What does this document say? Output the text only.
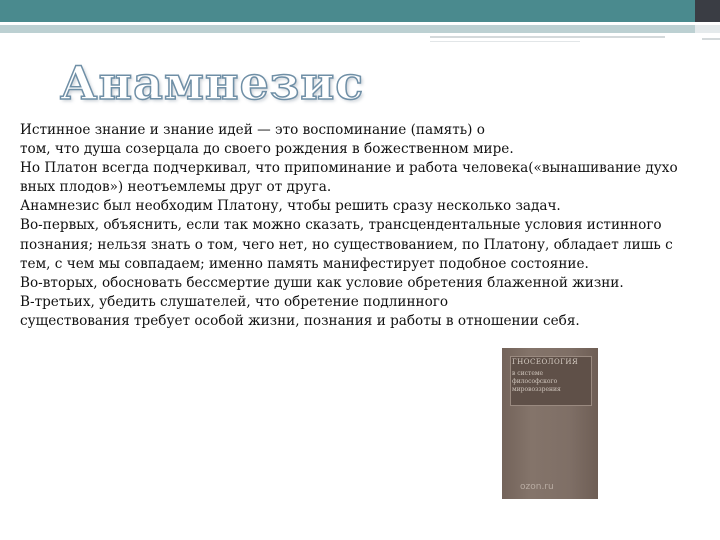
Анамнезис

Истинное знание и знание идей — это воспоминание (память) о

том, что душа созерцала до своего рождения в божественном мире.

Но Платон всегда подчеркивал, что припоминание и работа человека(«вынашивание духо

вных плодов») неотъемлемы друг от друга.

Анамнезис был необходим Платону, чтобы решить сразу несколько задач.

Во-первых, объяснить, если так можно сказать, трансцендентальные условия истинного

познания; нельзя знать о том, чего нет, но существованием, по Платону, обладает лишь с

тем, с чем мы совпадаем; именно память манифестирует подобное состояние.

Во-вторых, обосновать бессмертие души как условие обретения блаженной жизни.

В-третьих, убедить слушателей, что обретение подлинного

существования требует особой жизни, познания и работы в отношении себя.

ГНОСЕОЛОГИЯ
в системе
философского
мировоззрения
ozon.ru
